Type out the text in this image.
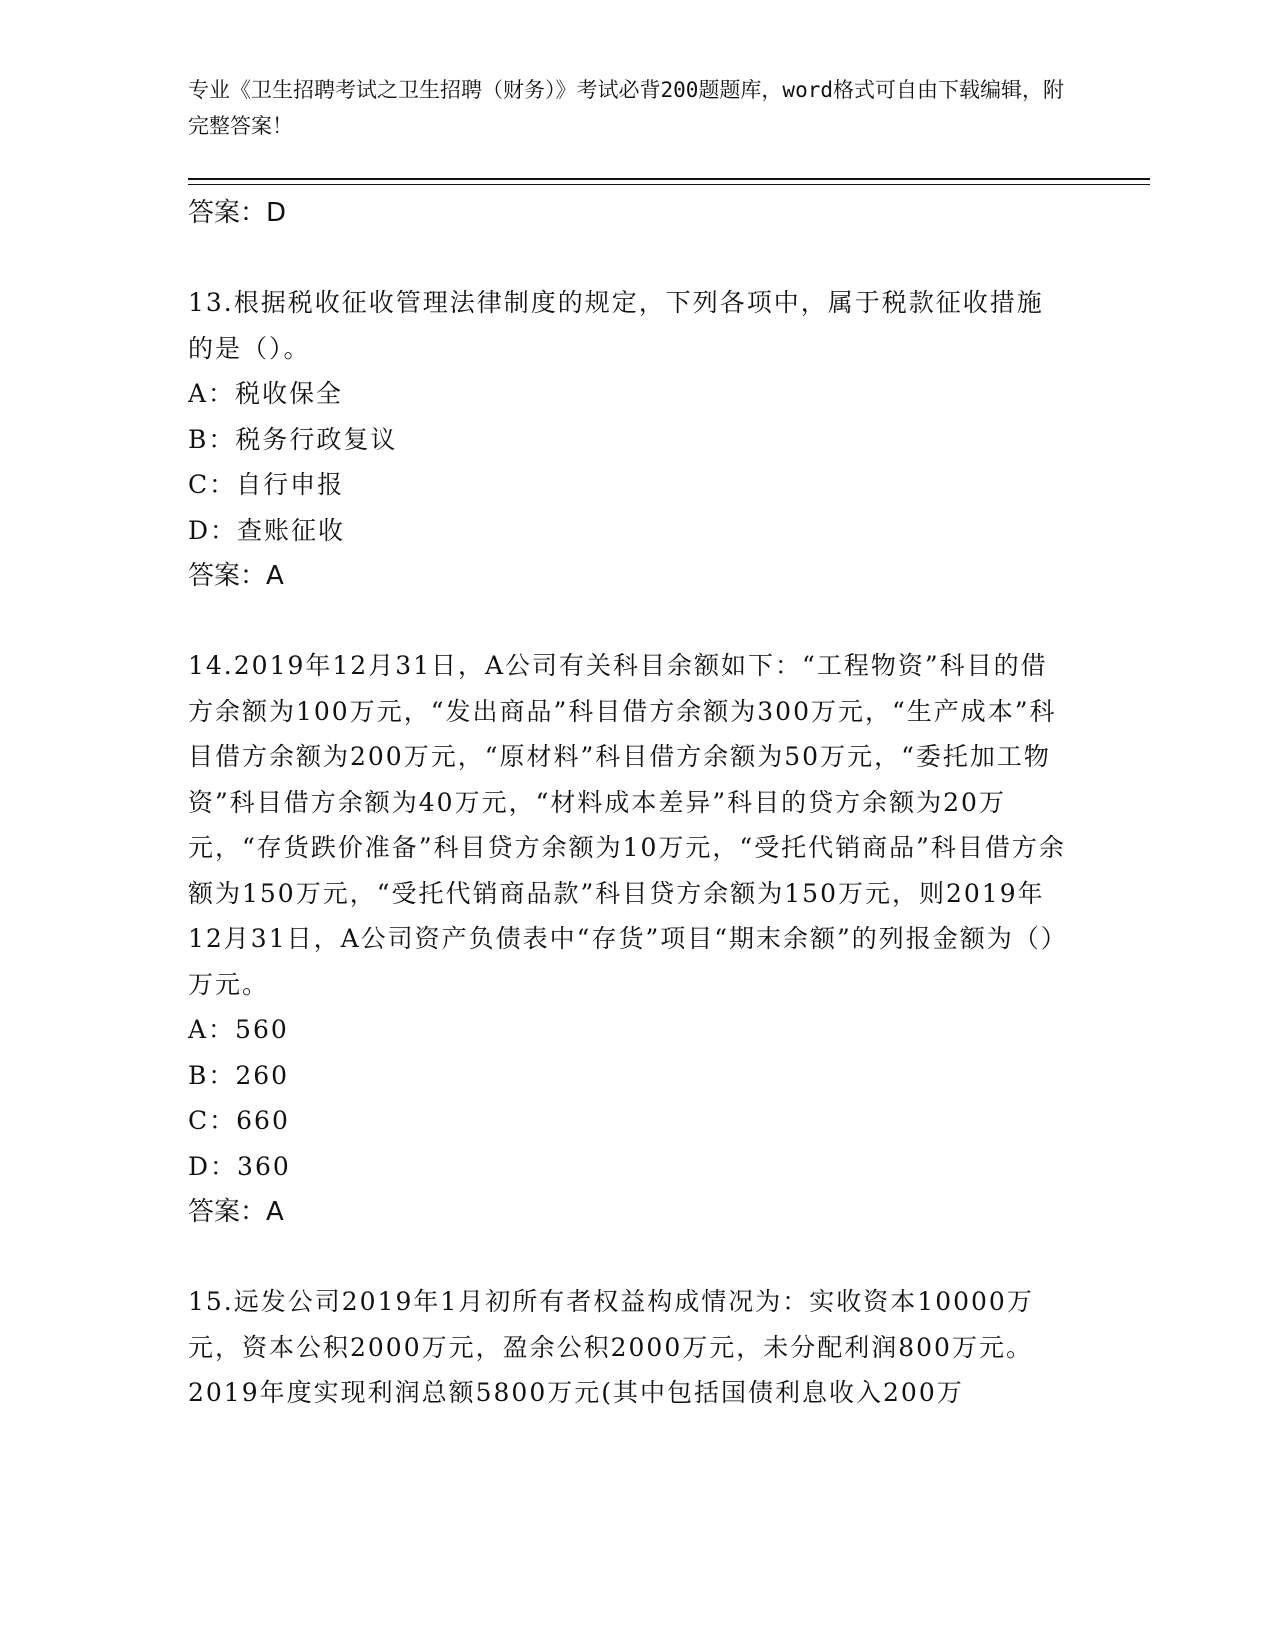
专业《卫生招聘考试之卫生招聘（财务）》考试必背200题题库，word格式可自由下载编辑，附完整答案！
答案：D
13.根据税收征收管理法律制度的规定，下列各项中，属于税款征收措施的是（）。
A：税收保全
B：税务行政复议
C：自行申报
D：查账征收
答案：A
14.2019年12月31日，A公司有关科目余额如下：“工程物资”科目的借方余额为100万元，“发出商品”科目借方余额为300万元，“生产成本”科目借方余额为200万元，“原材料”科目借方余额为50万元，“委托加工物资”科目借方余额为40万元，“材料成本差异”科目的贷方余额为20万元，“存货跌价准备”科目贷方余额为10万元，“受托代销商品”科目借方余额为150万元，“受托代销商品款”科目贷方余额为150万元，则2019年12月31日，A公司资产负债表中“存货”项目“期末余额”的列报金额为（）万元。
A：560
B：260
C：660
D：360
答案：A
15.远发公司2019年1月初所有者权益构成情况为：实收资本10000万元，资本公积2000万元，盈余公积2000万元，未分配利润800万元。2019年度实现利润总额5800万元(其中包括国债利息收入200万
